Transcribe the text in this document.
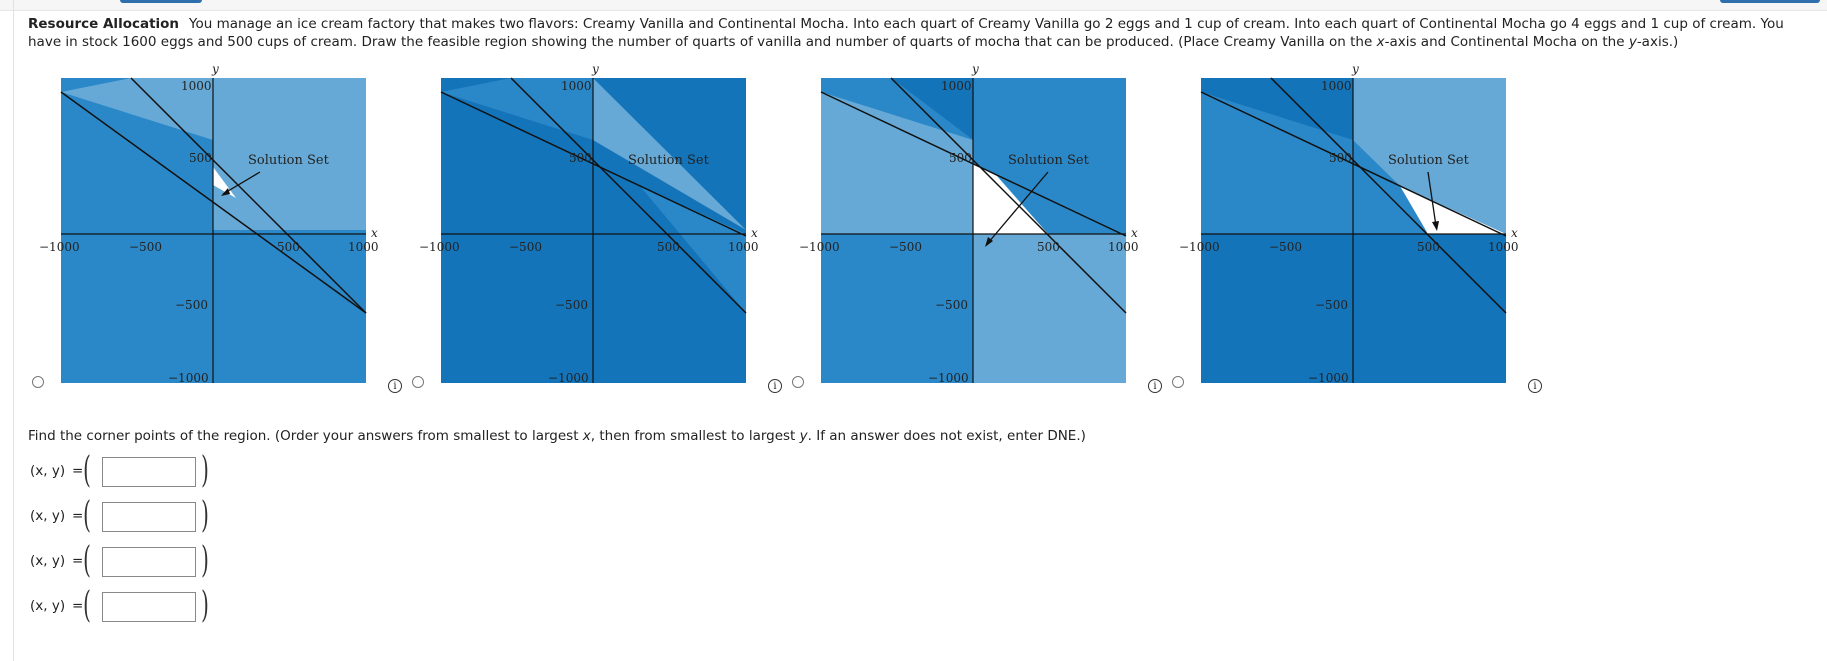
Resource Allocation You manage an ice cream factory that makes two flavors: Creamy Vanilla and Continental Mocha. Into each quart of Creamy Vanilla go 2 eggs and 1 cup of cream. Into each quart of Continental Mocha go 4 eggs and 1 cup of cream. You have in stock 1600 eggs and 500 cups of cream. Draw the feasible region showing the number of quarts of vanilla and number of quarts of mocha that can be produced. (Place Creamy Vanilla on the x-axis and Continental Mocha on the y-axis.)
Solution Set
y
x
−1000	−500	500	1000
1000
500
−500
−1000
i
Solution Set
y
x
−1000	−500	500	1000
1000
500
−500
−1000
i
Solution Set
y
x
−1000	−500	500	1000
1000
500
−500
−1000
i
Solution Set
y
x
−1000	−500	500	1000
1000
500
−500
−1000
i
Find the corner points of the region. (Order your answers from smallest to largest x, then from smallest to largest y. If an answer does not exist, enter DNE.)
(x, y) = (	)
(x, y) = (	)
(x, y) = (	)
(x, y) = (	)
